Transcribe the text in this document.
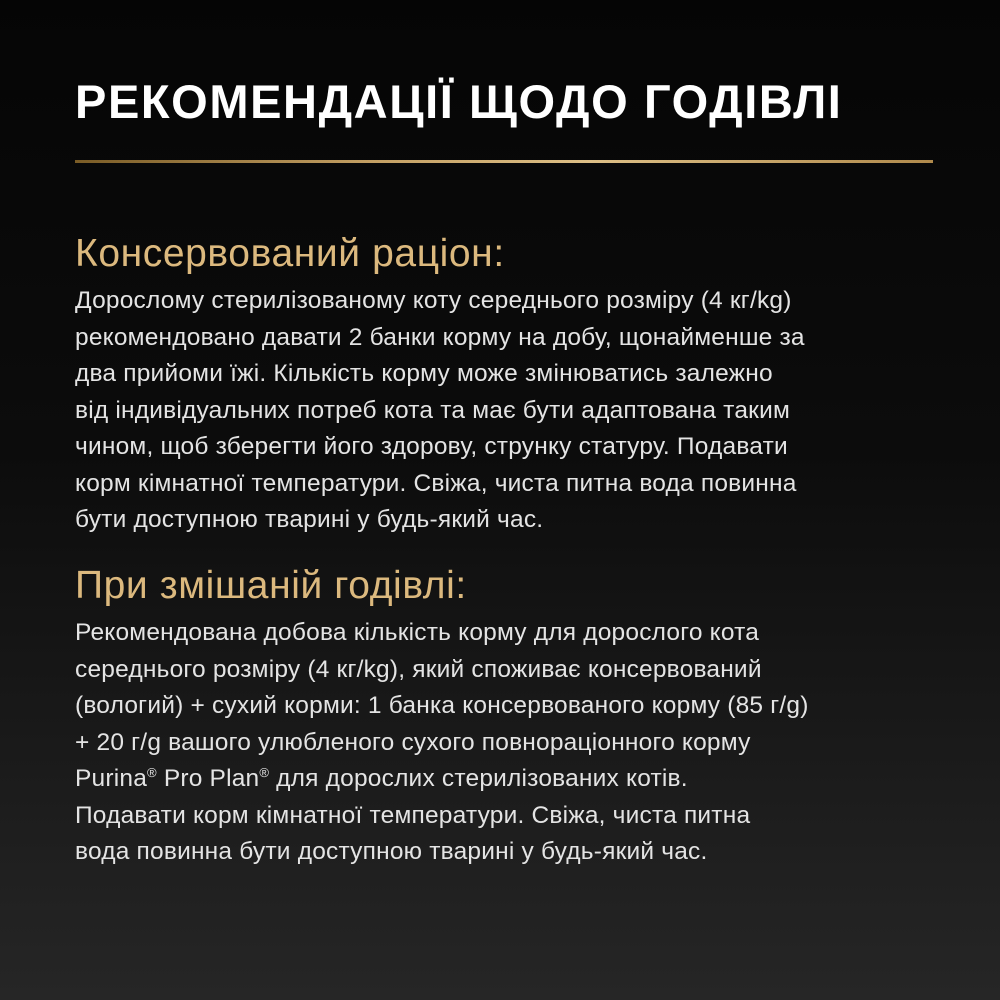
РЕКОМЕНДАЦІЇ ЩОДО ГОДІВЛІ
Консервований раціон:
Дорослому стерилізованому коту середнього розміру (4 кг/kg)
рекомендовано давати 2 банки корму на добу, щонайменше за
два прийоми їжі. Кількість корму може змінюватись залежно
від індивідуальних потреб кота та має бути адаптована таким
чином, щоб зберегти його здорову, струнку статуру. Подавати
корм кімнатної температури. Свіжа, чиста питна вода повинна
бути доступною тварині у будь-який час.
При змішаній годівлі:
Рекомендована добова кількість корму для дорослого кота
середнього розміру (4 кг/kg), який споживає консервований
(вологий) + сухий корми: 1 банка консервованого корму (85 г/g)
+ 20 г/g вашого улюбленого сухого повнораціонного корму
Purina® Pro Plan® для дорослих стерилізованих котів.
Подавати корм кімнатної температури. Свіжа, чиста питна
вода повинна бути доступною тварині у будь-який час.
